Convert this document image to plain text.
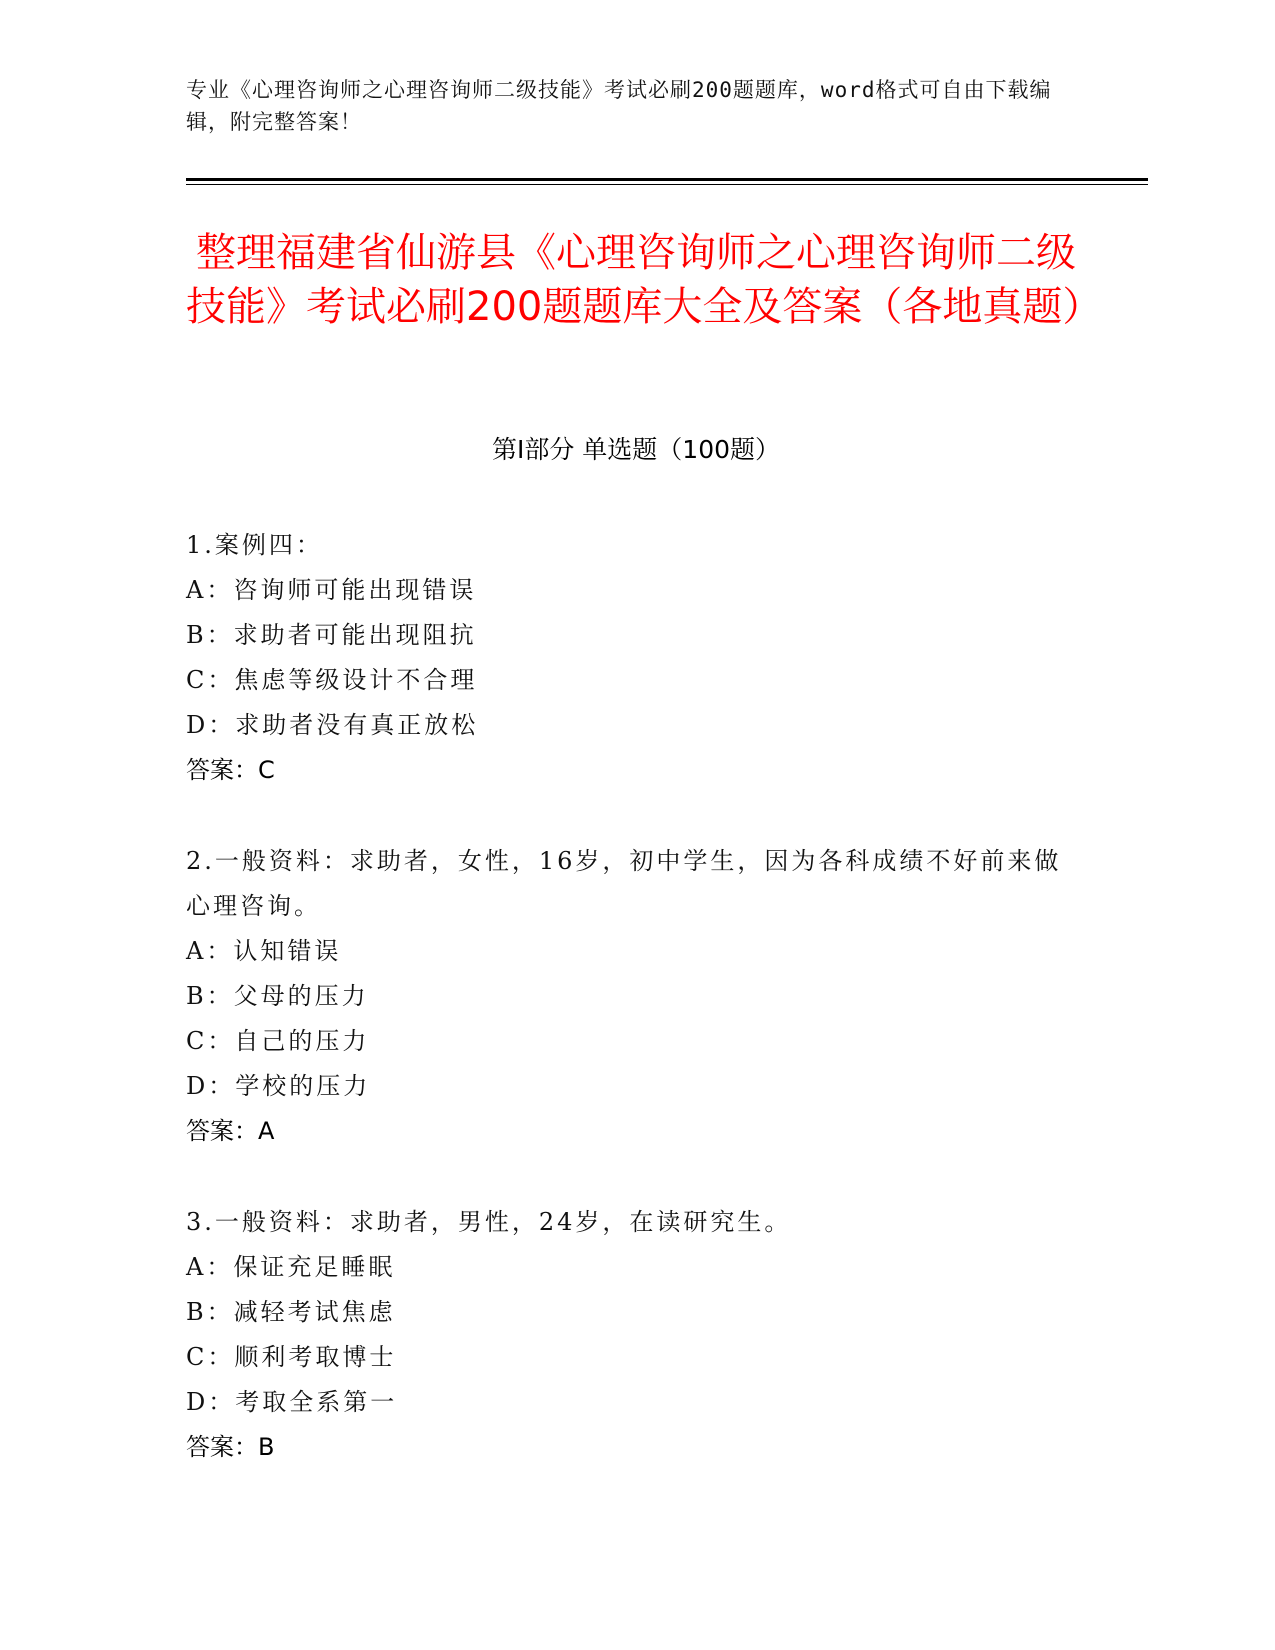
专业《心理咨询师之心理咨询师二级技能》考试必刷200题题库，word格式可自由下载编辑，附完整答案！
整理福建省仙游县《心理咨询师之心理咨询师二级技能》考试必刷200题题库大全及答案（各地真题）
第Ⅰ部分 单选题（100题）

1.案例四：

A：咨询师可能出现错误

B：求助者可能出现阻抗

C：焦虑等级设计不合理

D：求助者没有真正放松

答案：C

2.一般资料：求助者，女性，16岁，初中学生，因为各科成绩不好前来做心理咨询。

A：认知错误

B：父母的压力

C：自己的压力

D：学校的压力

答案：A

3.一般资料：求助者，男性，24岁，在读研究生。

A：保证充足睡眠

B：减轻考试焦虑

C：顺利考取博士

D：考取全系第一

答案：B
